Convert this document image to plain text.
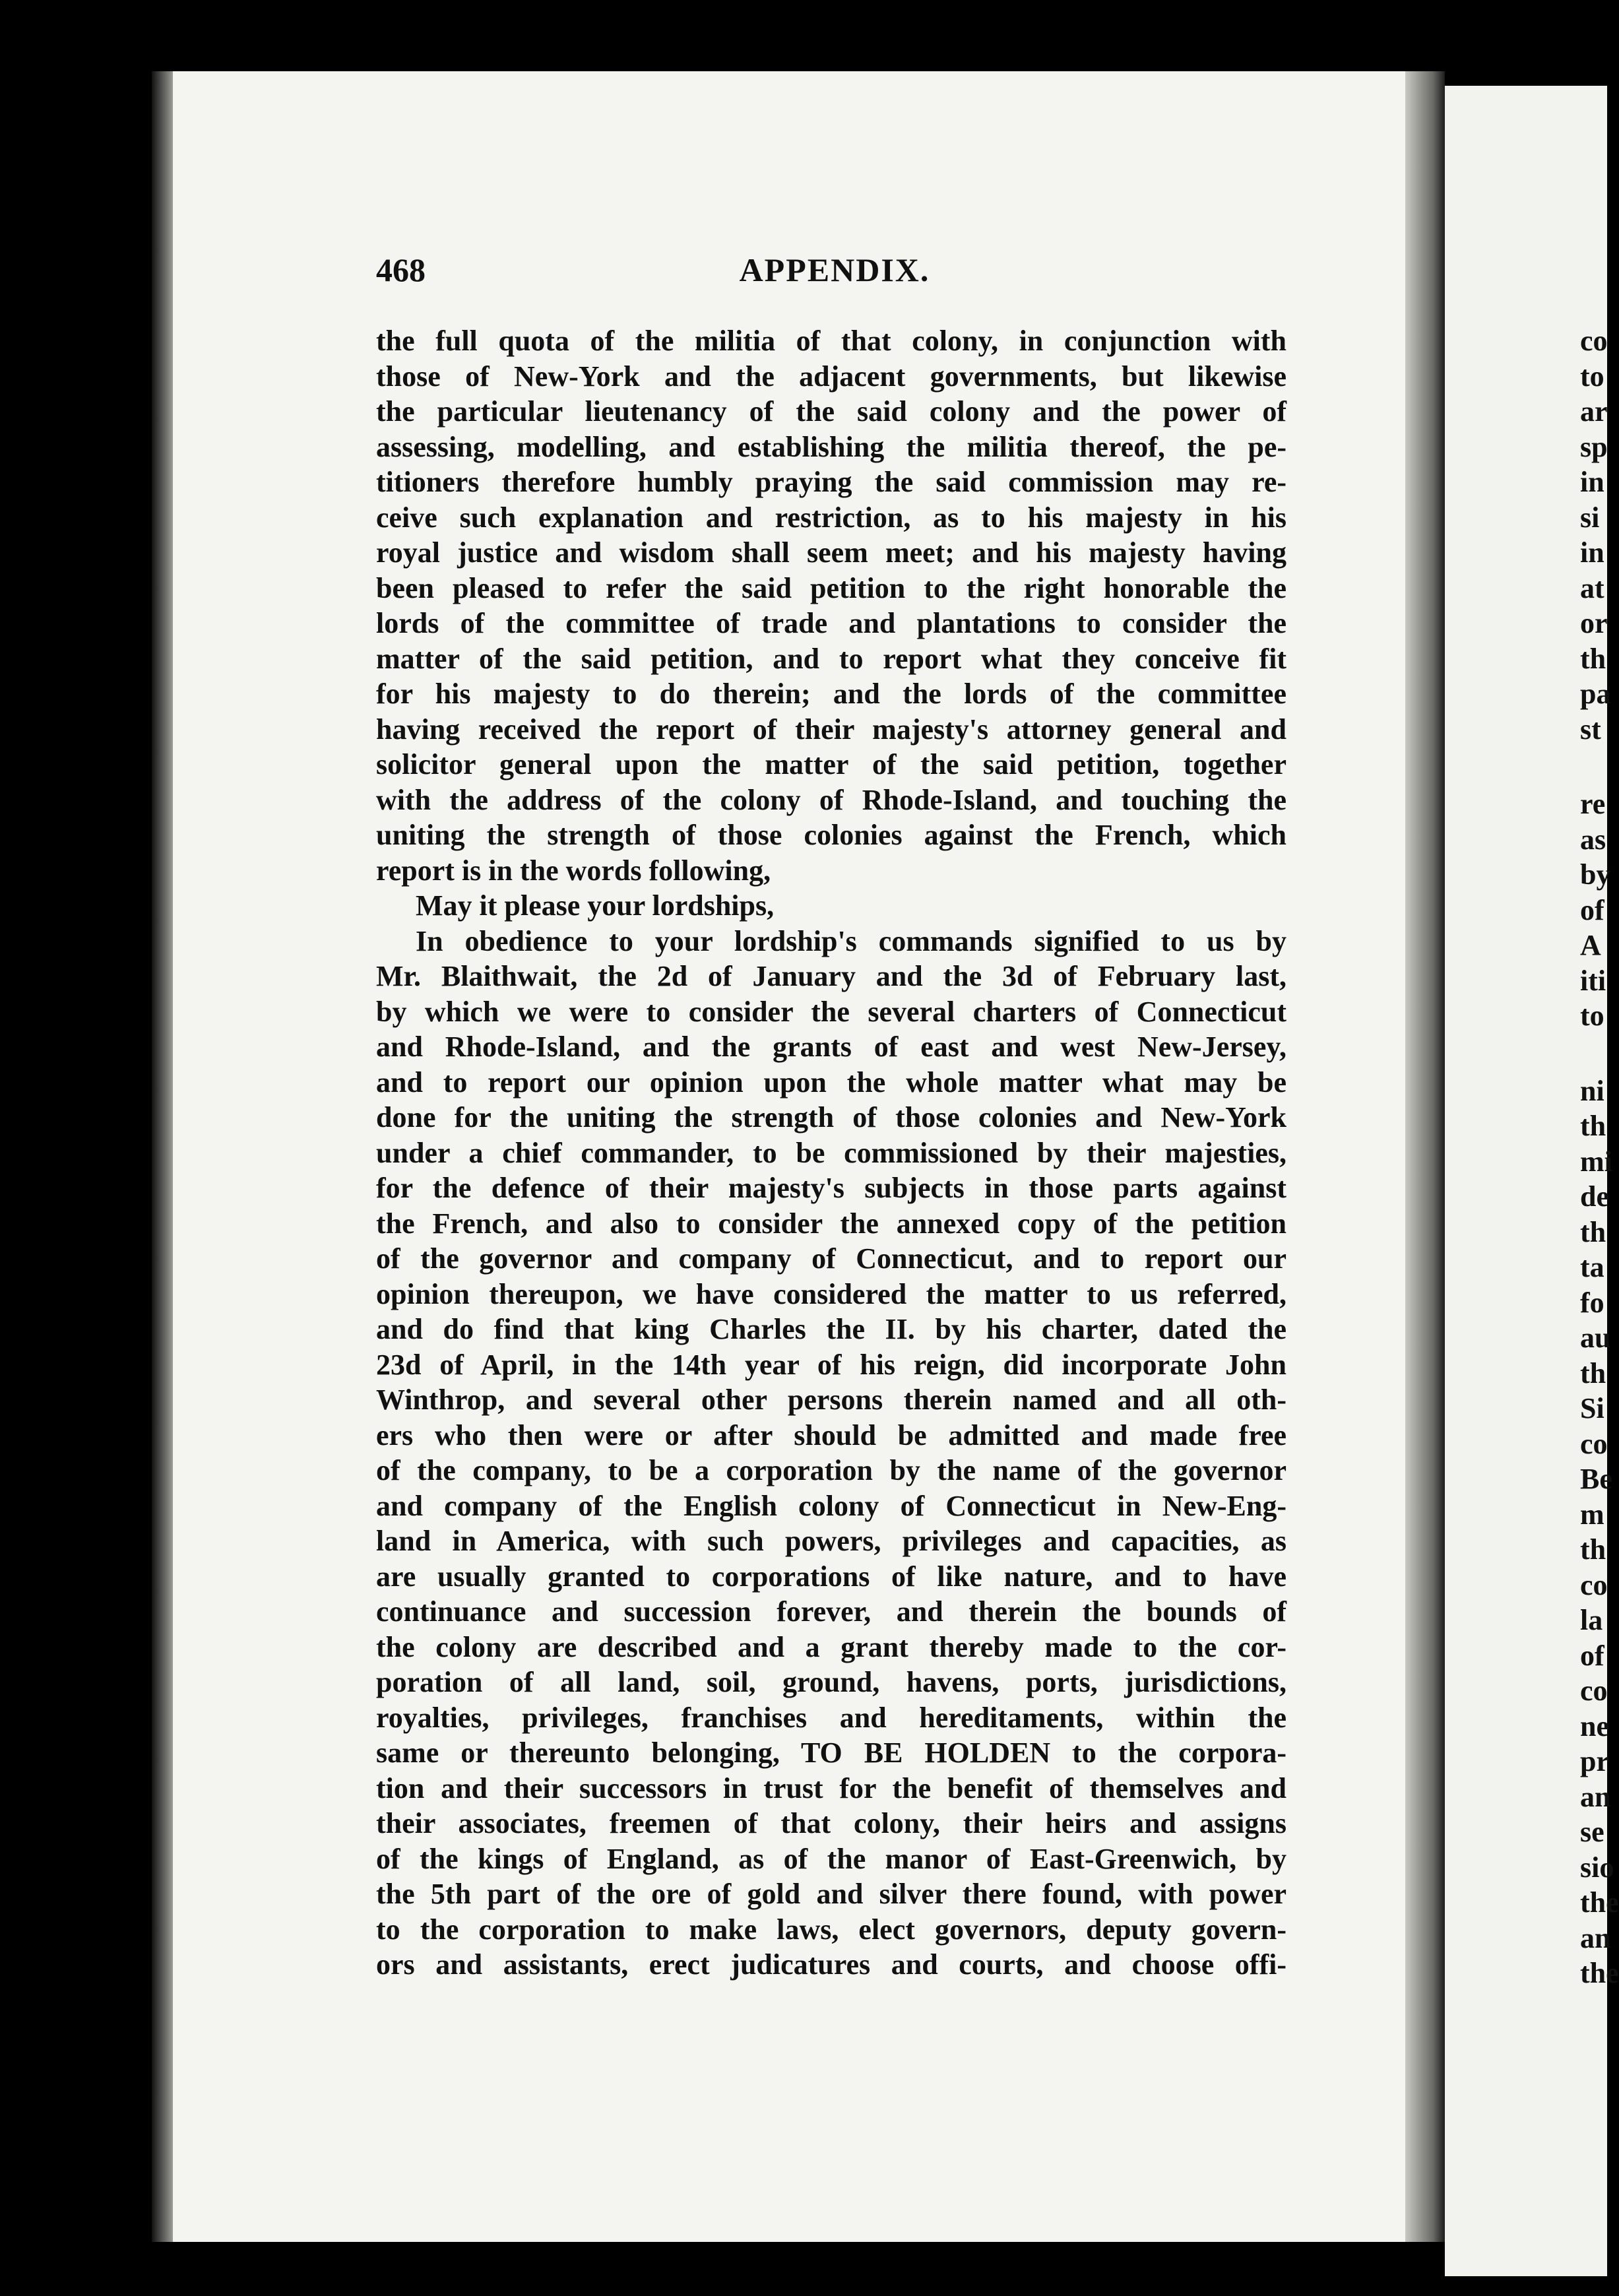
468	APPENDIX.
the full quota of the militia of that colony, in conjunction with
those of New-York and the adjacent governments, but likewise
the particular lieutenancy of the said colony and the power of
assessing, modelling, and establishing the militia thereof, the pe-
titioners therefore humbly praying the said commission may re-
ceive such explanation and restriction, as to his majesty in his
royal justice and wisdom shall seem meet; and his majesty having
been pleased to refer the said petition to the right honorable the
lords of the committee of trade and plantations to consider the
matter of the said petition, and to report what they conceive fit
for his majesty to do therein; and the lords of the committee
having received the report of their majesty's attorney general and
solicitor general upon the matter of the said petition, together
with the address of the colony of Rhode-Island, and touching the
uniting the strength of those colonies against the French, which
report is in the words following,
May it please your lordships,
In obedience to your lordship's commands signified to us by
Mr. Blaithwait, the 2d of January and the 3d of February last,
by which we were to consider the several charters of Connecticut
and Rhode-Island, and the grants of east and west New-Jersey,
and to report our opinion upon the whole matter what may be
done for the uniting the strength of those colonies and New-York
under a chief commander, to be commissioned by their majesties,
for the defence of their majesty's subjects in those parts against
the French, and also to consider the annexed copy of the petition
of the governor and company of Connecticut, and to report our
opinion thereupon, we have considered the matter to us referred,
and do find that king Charles the II. by his charter, dated the
23d of April, in the 14th year of his reign, did incorporate John
Winthrop, and several other persons therein named and all oth-
ers who then were or after should be admitted and made free
of the company, to be a corporation by the name of the governor
and company of the English colony of Connecticut in New-Eng-
land in America, with such powers, privileges and capacities, as
are usually granted to corporations of like nature, and to have
continuance and succession forever, and therein the bounds of
the colony are described and a grant thereby made to the cor-
poration of all land, soil, ground, havens, ports, jurisdictions,
royalties, privileges, franchises and hereditaments, within the
same or thereunto belonging, TO BE HOLDEN to the corpora-
tion and their successors in trust for the benefit of themselves and
their associates, freemen of that colony, their heirs and assigns
of the kings of England, as of the manor of East-Greenwich, by
the 5th part of the ore of gold and silver there found, with power
to the corporation to make laws, elect governors, deputy govern-
ors and assistants, erect judicatures and courts, and choose offi-
co
to
ar
sp
in
si
in
at
or
th
pa
st
re
as
by
of
A
iti
to
ni
th
mi
de
th
ta
fo
au
th
Si
co
Be
m
th
co
la
of
co
ne
pr
an
se
sio
the
an
the
